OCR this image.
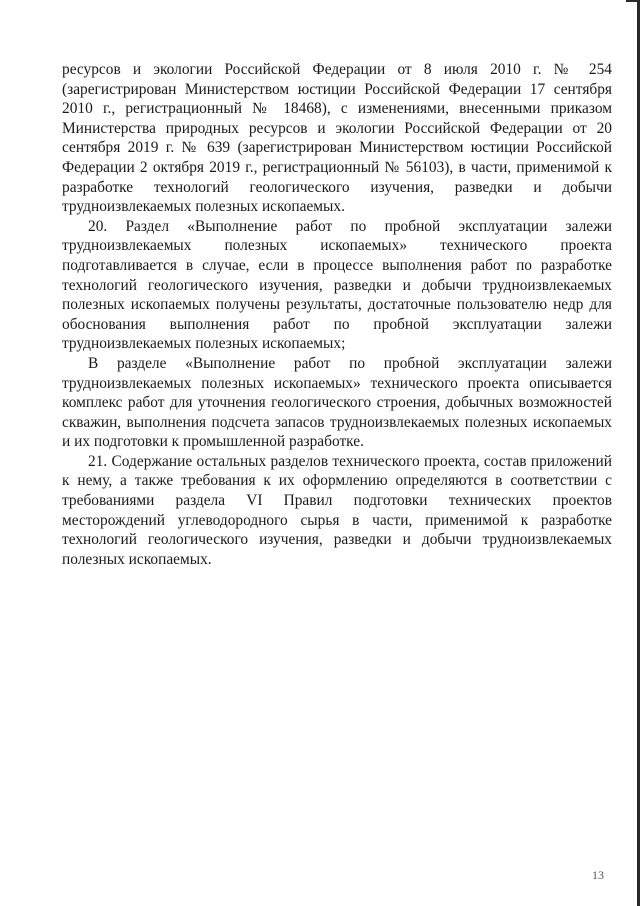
ресурсов и экологии Российской Федерации от 8 июля 2010 г. № 254 (зарегистрирован Министерством юстиции Российской Федерации 17 сентября 2010 г., регистрационный № 18468), с изменениями, внесенными приказом Министерства природных ресурсов и экологии Российской Федерации от 20 сентября 2019 г. № 639 (зарегистрирован Министерством юстиции Российской Федерации 2 октября 2019 г., регистрационный № 56103), в части, применимой к разработке технологий геологического изучения, разведки и добычи трудноизвлекаемых полезных ископаемых.

20. Раздел «Выполнение работ по пробной эксплуатации залежи трудноизвлекаемых полезных ископаемых» технического проекта подготавливается в случае, если в процессе выполнения работ по разработке технологий геологического изучения, разведки и добычи трудноизвлекаемых полезных ископаемых получены результаты, достаточные пользователю недр для обоснования выполнения работ по пробной эксплуатации залежи трудноизвлекаемых полезных ископаемых;

В разделе «Выполнение работ по пробной эксплуатации залежи трудноизвлекаемых полезных ископаемых» технического проекта описывается комплекс работ для уточнения геологического строения, добычных возможностей скважин, выполнения подсчета запасов трудноизвлекаемых полезных ископаемых и их подготовки к промышленной разработке.

21. Содержание остальных разделов технического проекта, состав приложений к нему, а также требования к их оформлению определяются в соответствии с требованиями раздела VI Правил подготовки технических проектов месторождений углеводородного сырья в части, применимой к разработке технологий геологического изучения, разведки и добычи трудноизвлекаемых полезных ископаемых.

13
